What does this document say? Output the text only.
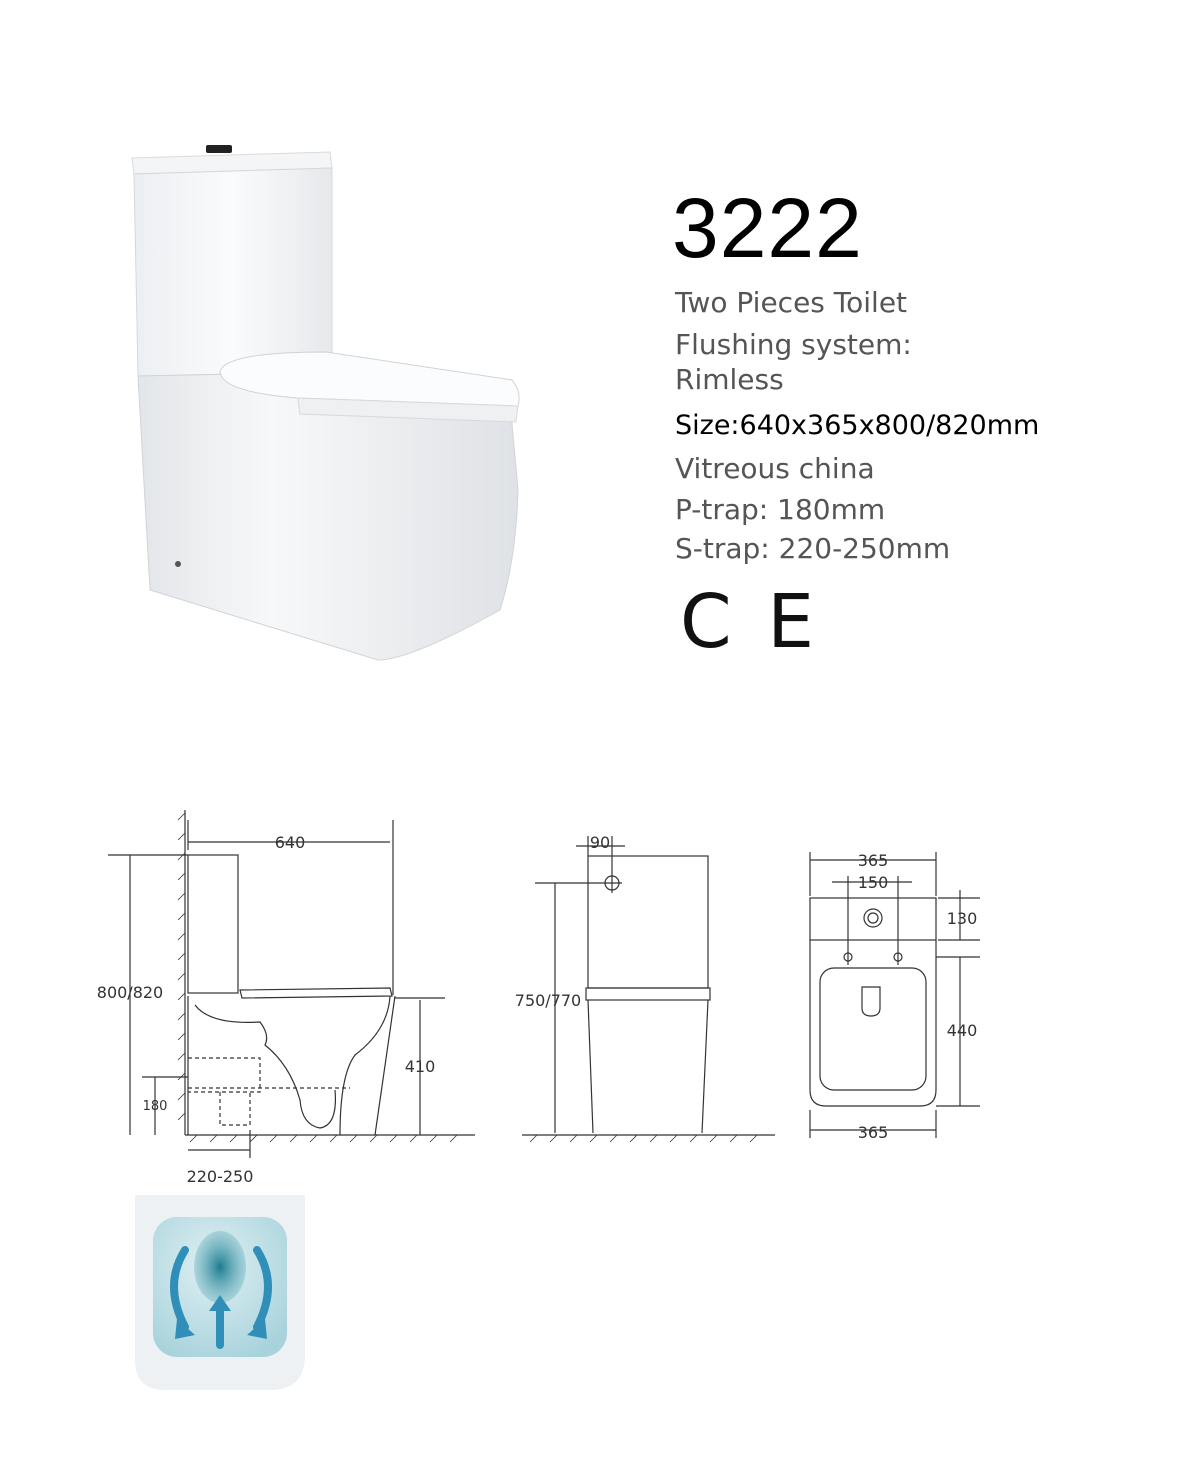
3222
Two Pieces Toilet
Flushing system:
Rimless
Size:640x365x800/820mm
Vitreous china
P-trap: 180mm
S-trap: 220-250mm
C E
640
800/820
410
180
220-250
90
750/770
365
150
130
440
365
